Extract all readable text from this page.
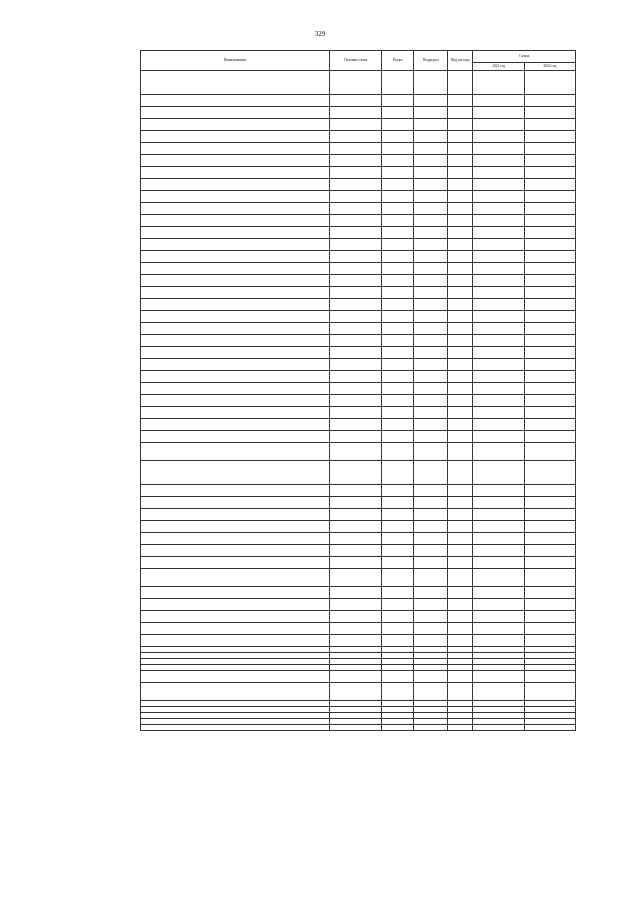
329
Наименование	Целевая статья	Раздел	Подраздел	Вид расхода	Сумма	
					2021 год	2022 год
